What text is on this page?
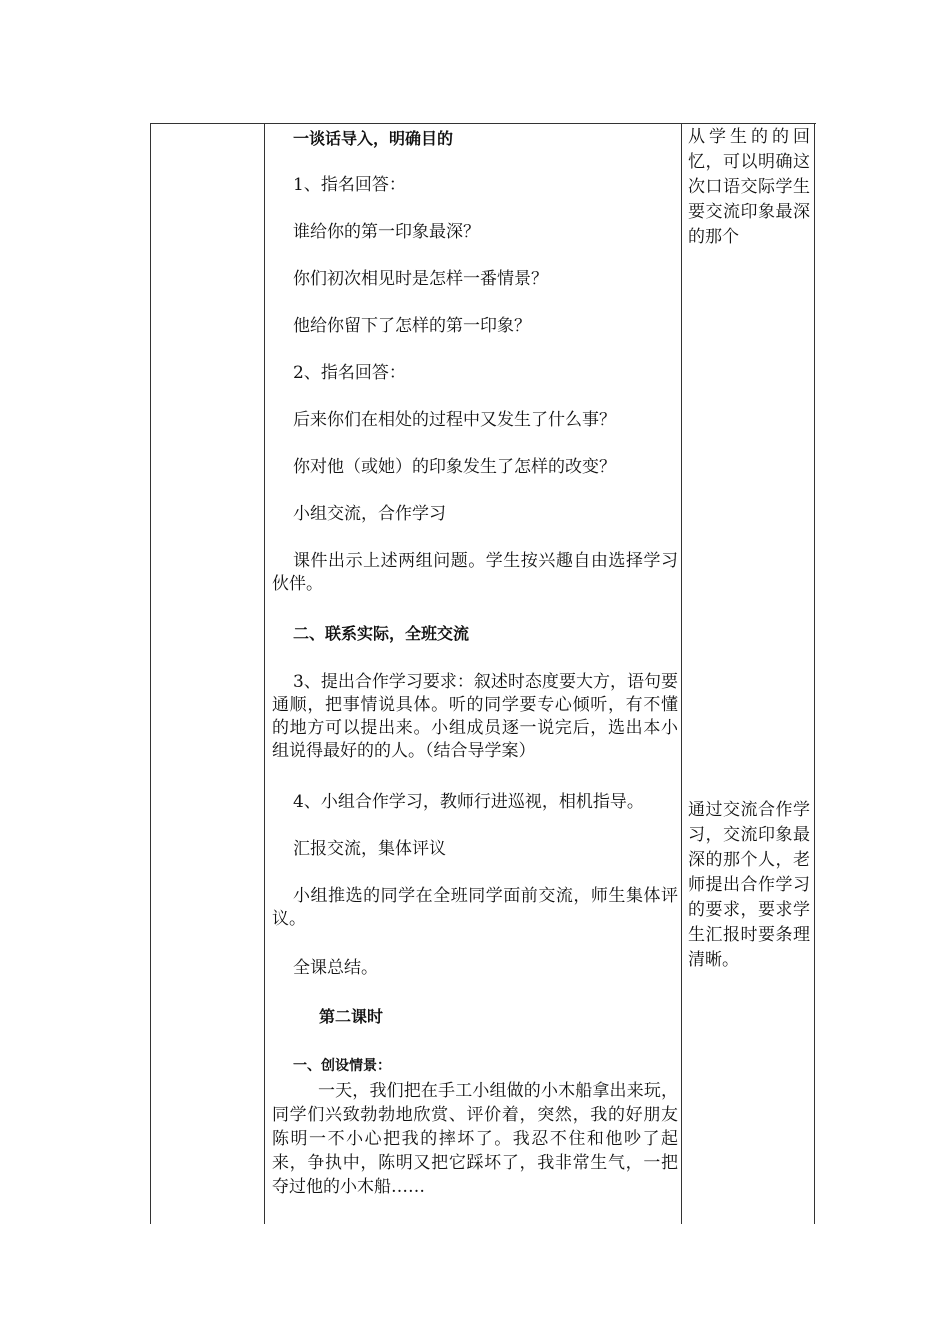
一谈话导入，明确目的

1、指名回答：

谁给你的第一印象最深？

你们初次相见时是怎样一番情景？

他给你留下了怎样的第一印象？

2、指名回答：

后来你们在相处的过程中又发生了什么事？

你对他（或她）的印象发生了怎样的改变？

小组交流，合作学习

课件出示上述两组问题。学生按兴趣自由选择学习伙伴。

二、联系实际，全班交流

3、提出合作学习要求：叙述时态度要大方，语句要通顺，把事情说具体。听的同学要专心倾听，有不懂的地方可以提出来。小组成员逐一说完后，选出本小组说得最好的的人。（结合导学案）

4、小组合作学习，教师行进巡视，相机指导。

汇报交流，集体评议

小组推选的同学在全班同学面前交流，师生集体评议。

全课总结。

第二课时

一、创设情景：

一天，我们把在手工小组做的小木船拿出来玩，同学们兴致勃勃地欣赏、评价着，突然，我的好朋友陈明一不小心把我的摔坏了。我忍不住和他吵了起来，争执中，陈明又把它踩坏了，我非常生气，一把夺过他的小木船……

从学生的的回忆，可以明确这次口语交际学生要交流印象最深的那个

通过交流合作学习，交流印象最深的那个人，老师提出合作学习的要求，要求学生汇报时要条理清晰。
